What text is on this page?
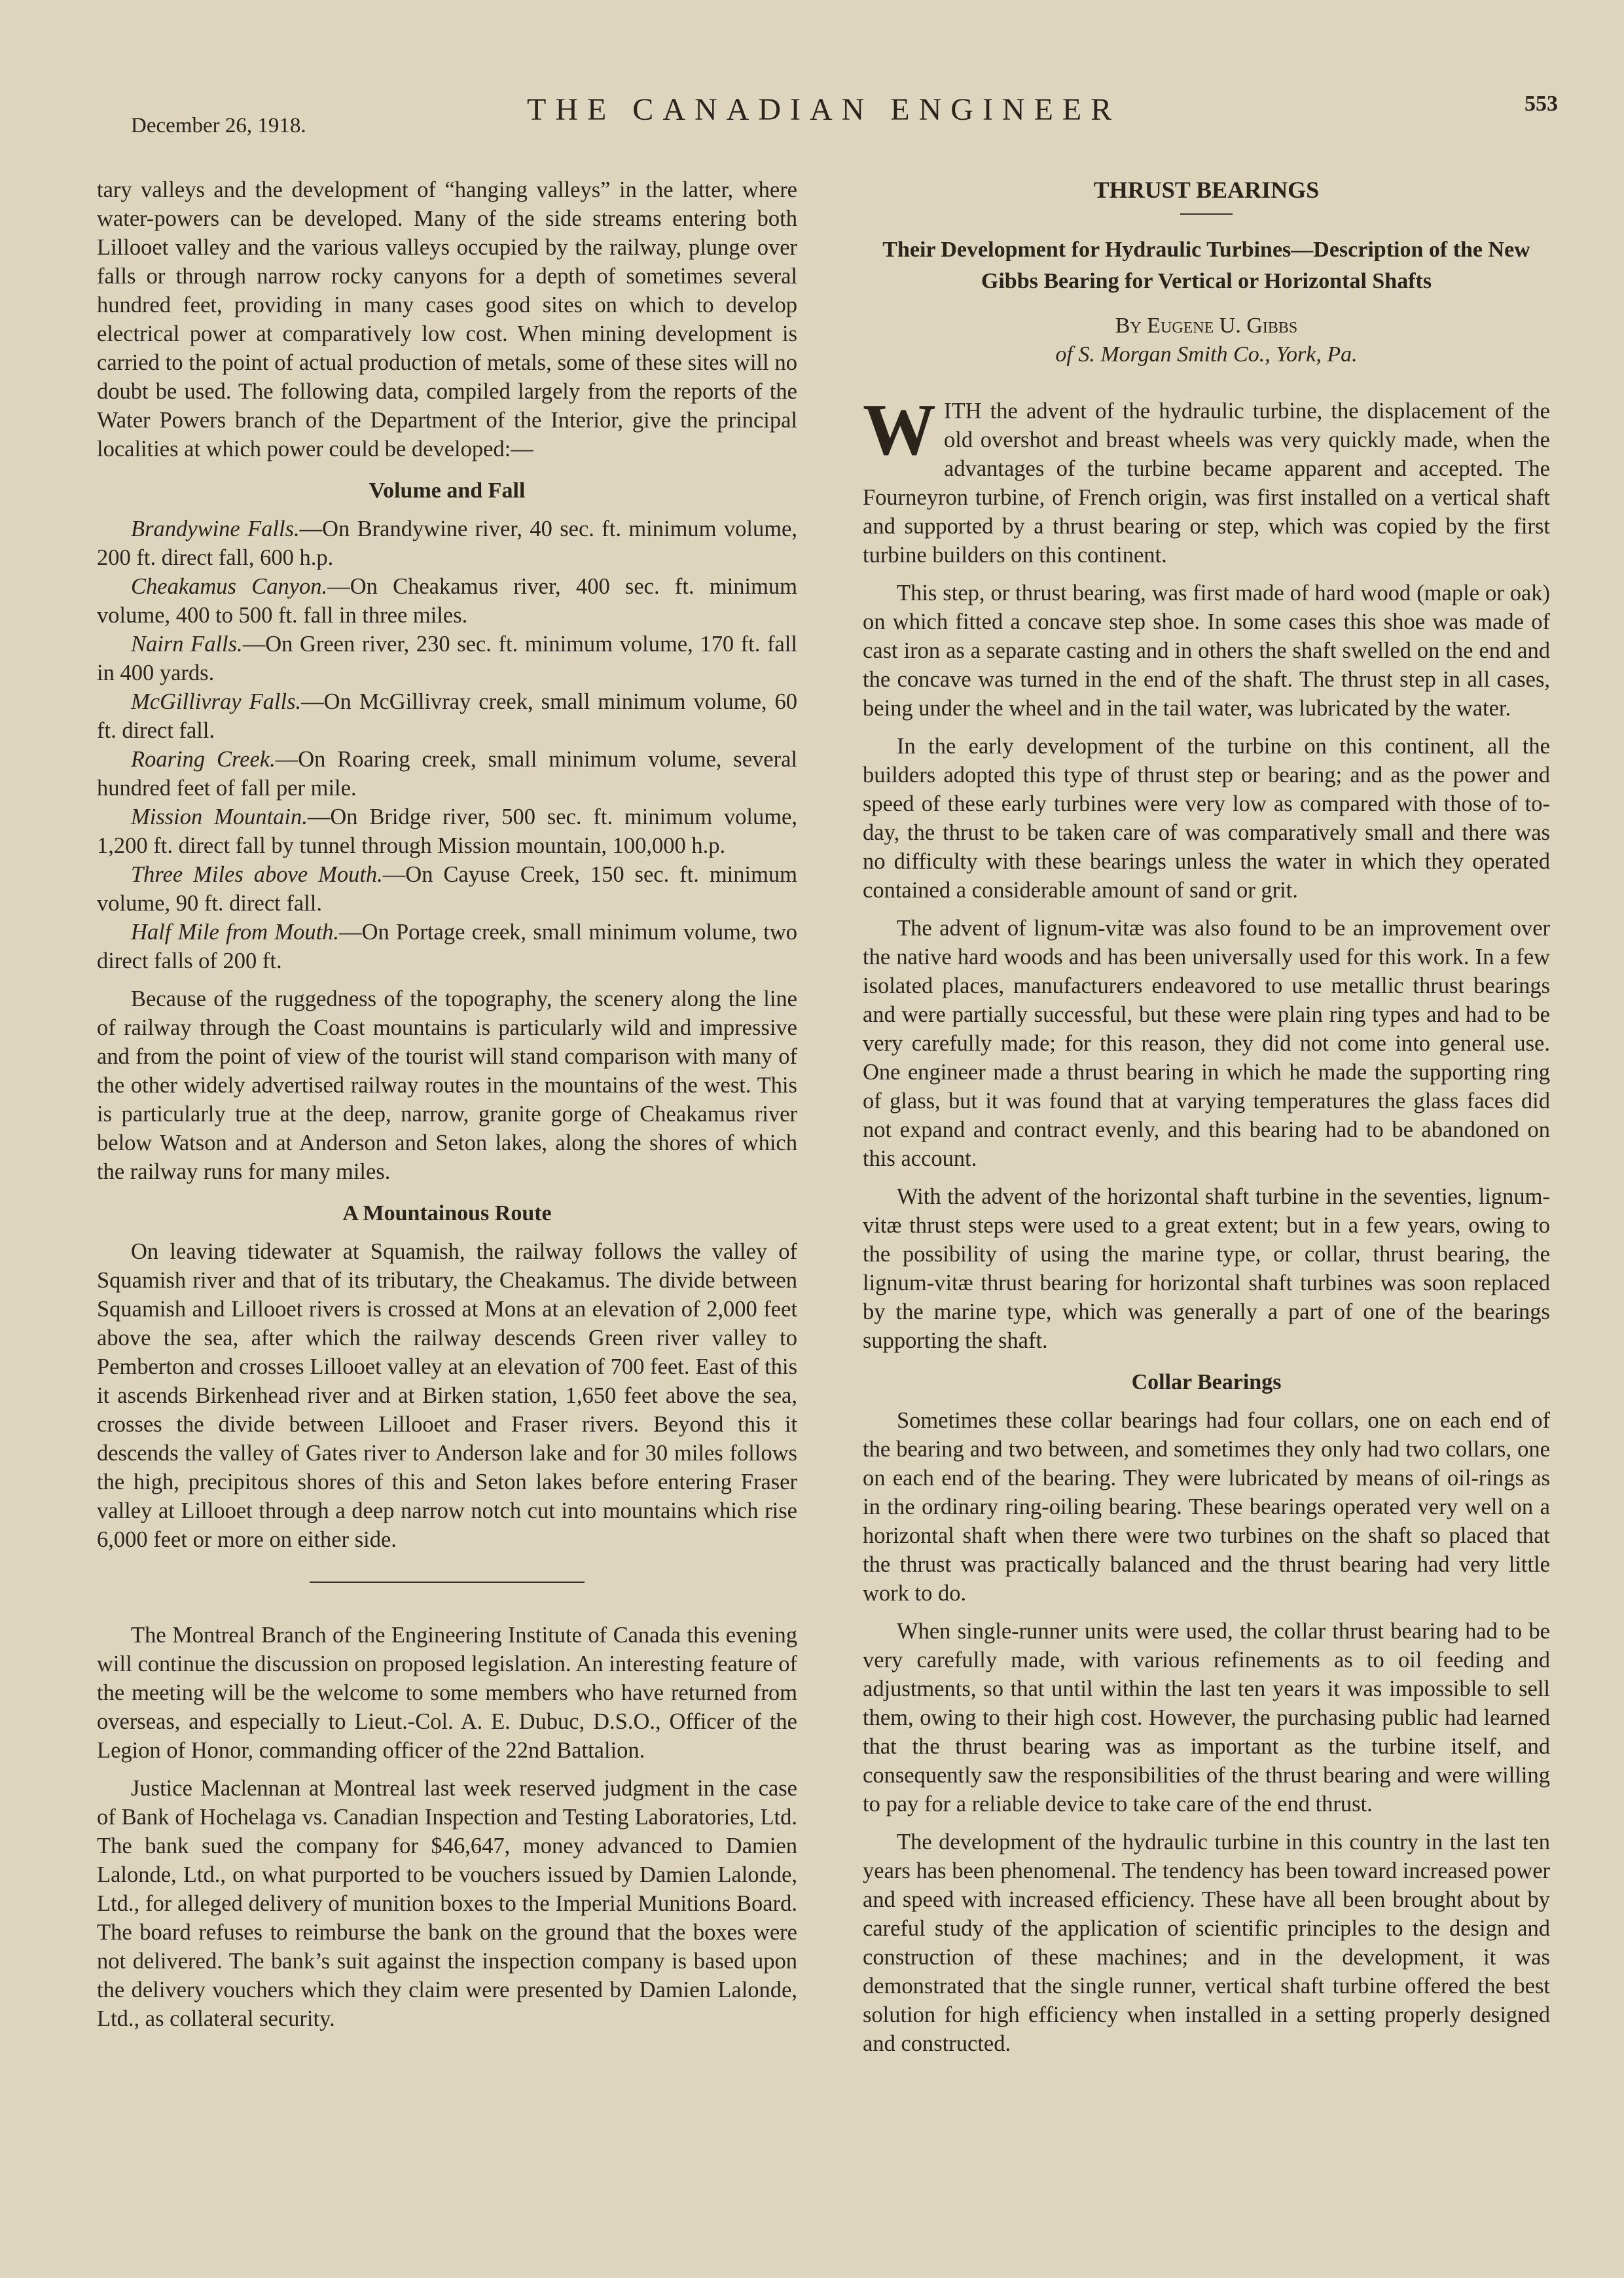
December 26, 1918.	THE CANADIAN ENGINEER	553

tary valleys and the development of “hanging valleys” in the latter, where water-powers can be developed. Many of the side streams entering both Lillooet valley and the various valleys occupied by the railway, plunge over falls or through narrow rocky canyons for a depth of sometimes several hundred feet, providing in many cases good sites on which to develop electrical power at comparatively low cost. When mining development is carried to the point of actual production of metals, some of these sites will no doubt be used. The following data, compiled largely from the reports of the Water Powers branch of the Department of the Interior, give the principal localities at which power could be developed:—

Volume and Fall

Brandywine Falls.—On Brandywine river, 40 sec. ft. minimum volume, 200 ft. direct fall, 600 h.p.

Cheakamus Canyon.—On Cheakamus river, 400 sec. ft. minimum volume, 400 to 500 ft. fall in three miles.

Nairn Falls.—On Green river, 230 sec. ft. minimum volume, 170 ft. fall in 400 yards.

McGillivray Falls.—On McGillivray creek, small minimum volume, 60 ft. direct fall.

Roaring Creek.—On Roaring creek, small minimum volume, several hundred feet of fall per mile.

Mission Mountain.—On Bridge river, 500 sec. ft. minimum volume, 1,200 ft. direct fall by tunnel through Mission mountain, 100,000 h.p.

Three Miles above Mouth.—On Cayuse Creek, 150 sec. ft. minimum volume, 90 ft. direct fall.

Half Mile from Mouth.—On Portage creek, small minimum volume, two direct falls of 200 ft.

Because of the ruggedness of the topography, the scenery along the line of railway through the Coast mountains is particularly wild and impressive and from the point of view of the tourist will stand comparison with many of the other widely advertised railway routes in the mountains of the west. This is particularly true at the deep, narrow, granite gorge of Cheakamus river below Watson and at Anderson and Seton lakes, along the shores of which the railway runs for many miles.

A Mountainous Route

On leaving tidewater at Squamish, the railway follows the valley of Squamish river and that of its tributary, the Cheakamus. The divide between Squamish and Lillooet rivers is crossed at Mons at an elevation of 2,000 feet above the sea, after which the railway descends Green river valley to Pemberton and crosses Lillooet valley at an elevation of 700 feet. East of this it ascends Birkenhead river and at Birken station, 1,650 feet above the sea, crosses the divide between Lillooet and Fraser rivers. Beyond this it descends the valley of Gates river to Anderson lake and for 30 miles follows the high, precipitous shores of this and Seton lakes before entering Fraser valley at Lillooet through a deep narrow notch cut into mountains which rise 6,000 feet or more on either side.

The Montreal Branch of the Engineering Institute of Canada this evening will continue the discussion on proposed legislation. An interesting feature of the meeting will be the welcome to some members who have returned from overseas, and especially to Lieut.-Col. A. E. Dubuc, D.S.O., Officer of the Legion of Honor, commanding officer of the 22nd Battalion.

Justice Maclennan at Montreal last week reserved judgment in the case of Bank of Hochelaga vs. Canadian Inspection and Testing Laboratories, Ltd. The bank sued the company for $46,647, money advanced to Damien Lalonde, Ltd., on what purported to be vouchers issued by Damien Lalonde, Ltd., for alleged delivery of munition boxes to the Imperial Munitions Board. The board refuses to reimburse the bank on the ground that the boxes were not delivered. The bank’s suit against the inspection company is based upon the delivery vouchers which they claim were presented by Damien Lalonde, Ltd., as collateral security.

THRUST BEARINGS
Their Development for Hydraulic Turbines—Description of the New Gibbs Bearing for Vertical or Horizontal Shafts
By Eugene U. Gibbs
of S. Morgan Smith Co., York, Pa.

WITH the advent of the hydraulic turbine, the displacement of the old overshot and breast wheels was very quickly made, when the advantages of the turbine became apparent and accepted. The Fourneyron turbine, of French origin, was first installed on a vertical shaft and supported by a thrust bearing or step, which was copied by the first turbine builders on this continent.

This step, or thrust bearing, was first made of hard wood (maple or oak) on which fitted a concave step shoe. In some cases this shoe was made of cast iron as a separate casting and in others the shaft swelled on the end and the concave was turned in the end of the shaft. The thrust step in all cases, being under the wheel and in the tail water, was lubricated by the water.

In the early development of the turbine on this continent, all the builders adopted this type of thrust step or bearing; and as the power and speed of these early turbines were very low as compared with those of to-day, the thrust to be taken care of was comparatively small and there was no difficulty with these bearings unless the water in which they operated contained a considerable amount of sand or grit.

The advent of lignum-vitæ was also found to be an improvement over the native hard woods and has been universally used for this work. In a few isolated places, manufacturers endeavored to use metallic thrust bearings and were partially successful, but these were plain ring types and had to be very carefully made; for this reason, they did not come into general use. One engineer made a thrust bearing in which he made the supporting ring of glass, but it was found that at varying temperatures the glass faces did not expand and contract evenly, and this bearing had to be abandoned on this account.

With the advent of the horizontal shaft turbine in the seventies, lignum-vitæ thrust steps were used to a great extent; but in a few years, owing to the possibility of using the marine type, or collar, thrust bearing, the lignum-vitæ thrust bearing for horizontal shaft turbines was soon replaced by the marine type, which was generally a part of one of the bearings supporting the shaft.

Collar Bearings

Sometimes these collar bearings had four collars, one on each end of the bearing and two between, and sometimes they only had two collars, one on each end of the bearing. They were lubricated by means of oil-rings as in the ordinary ring-oiling bearing. These bearings operated very well on a horizontal shaft when there were two turbines on the shaft so placed that the thrust was practically balanced and the thrust bearing had very little work to do.

When single-runner units were used, the collar thrust bearing had to be very carefully made, with various refinements as to oil feeding and adjustments, so that until within the last ten years it was impossible to sell them, owing to their high cost. However, the purchasing public had learned that the thrust bearing was as important as the turbine itself, and consequently saw the responsibilities of the thrust bearing and were willing to pay for a reliable device to take care of the end thrust.

The development of the hydraulic turbine in this country in the last ten years has been phenomenal. The tendency has been toward increased power and speed with increased efficiency. These have all been brought about by careful study of the application of scientific principles to the design and construction of these machines; and in the development, it was demonstrated that the single runner, vertical shaft turbine offered the best solution for high efficiency when installed in a setting properly designed and constructed.
